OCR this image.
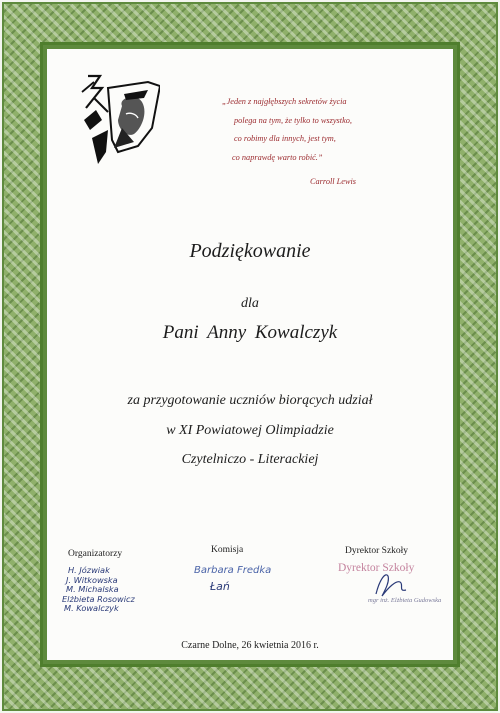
„Jeden z najgłębszych sekretów życia
polega na tym, że tylko to wszystko,
co robimy dla innych, jest tym,
co naprawdę warto robić.”
Carroll Lewis
Podziękowanie
dla
Pani Anny Kowalczyk
za przygotowanie uczniów biorących udział
w XI Powiatowej Olimpiadzie
Czytelniczo - Literackiej
Organizatorzy
H. Józwiak
J. Witkowska
M. Michalska
Elżbieta Rosowicz
M. Kowalczyk
Komisja
Barbara Fredka
Łań
Dyrektor Szkoły
Dyrektor Szkoły
mgr inż. Elżbieta Gudowska
Czarne Dolne, 26 kwietnia 2016 r.
